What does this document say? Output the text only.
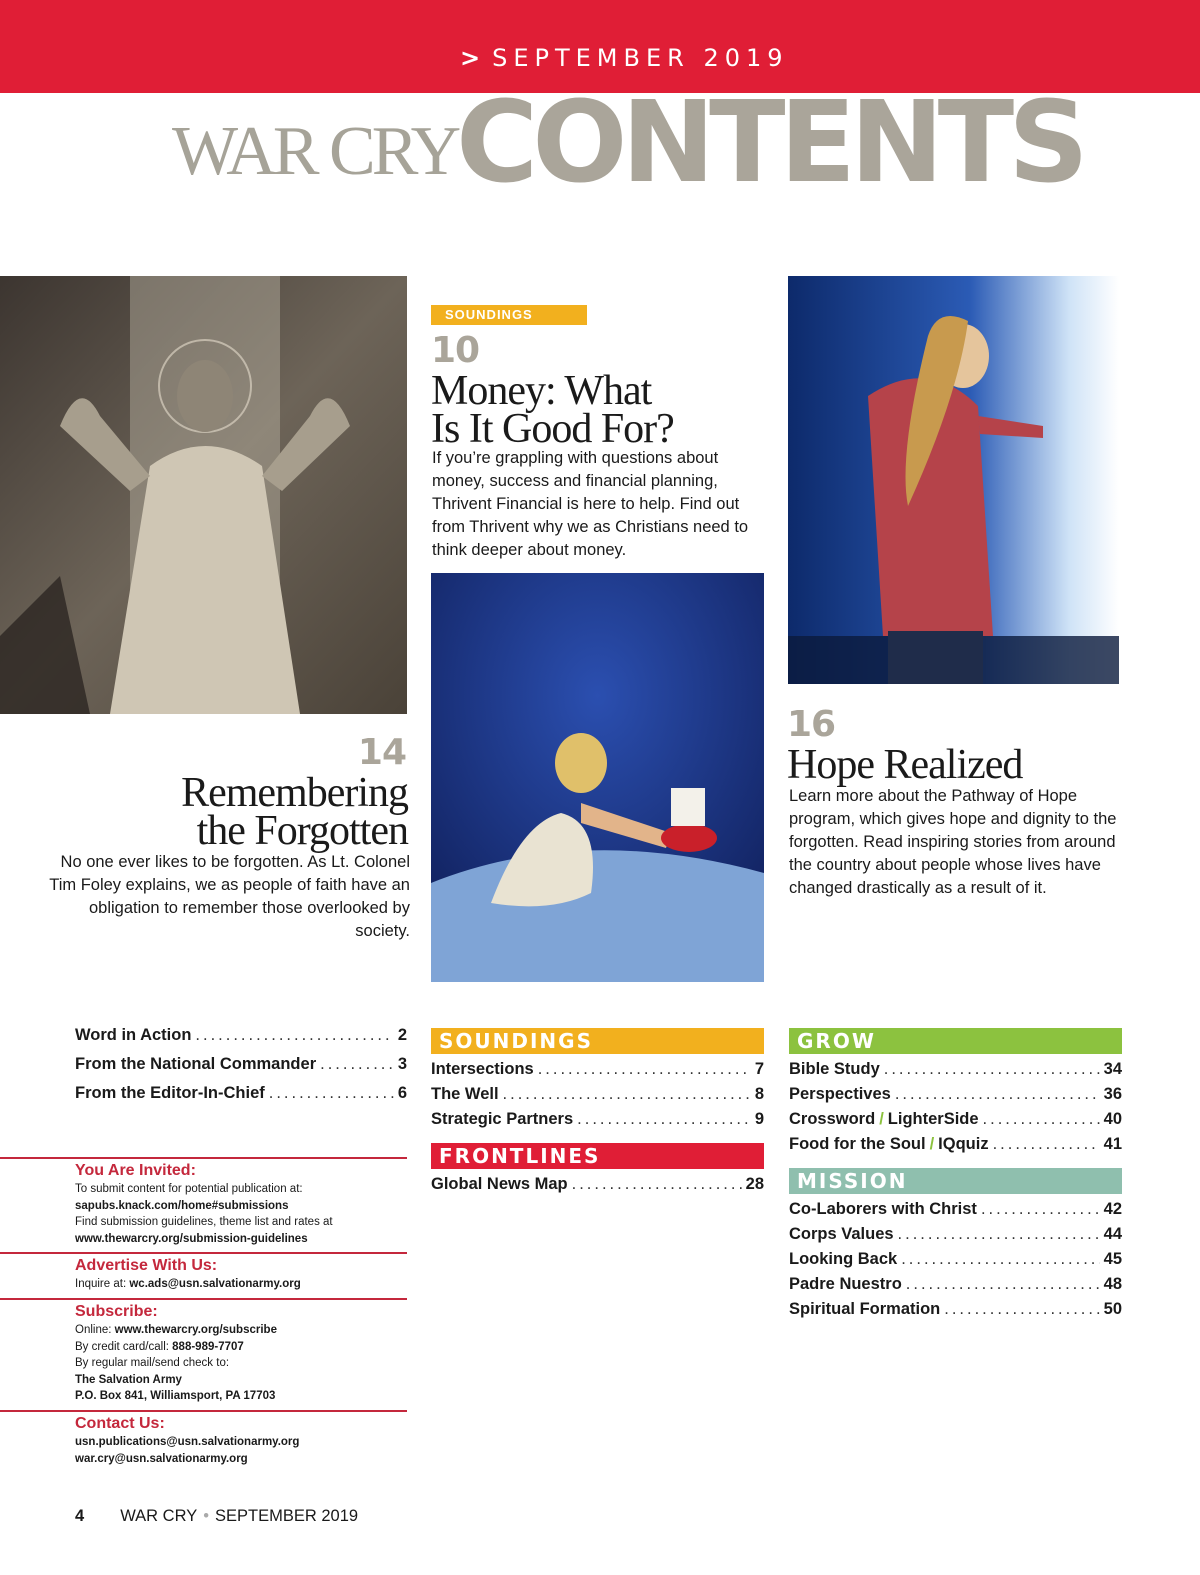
> SEPTEMBER 2019
WAR CRY
CONTENTS
SOUNDINGS
10
Money: What
Is It Good For?
If you’re grappling with questions about money, success and financial planning, Thrivent Financial is here to help. Find out from Thrivent why we as Christians need to think deeper about money.
14
Remembering
the Forgotten
No one ever likes to be forgotten. As Lt. Colonel Tim Foley explains, we as people of faith have an obligation to remember those overlooked by society.
16
Hope Realized
Learn more about the Pathway of Hope program, which gives hope and dignity to the forgotten. Read inspiring stories from around the country about people whose lives have changed drastically as a result of it.
Word in Action .....	2
From the National Commander .....	3
From the Editor-In-Chief .....	6
SOUNDINGS
Intersections .....	7
The Well .....	8
Strategic Partners .....	9
FRONTLINES
Global News Map .....	28
GROW
Bible Study .....	34
Perspectives .....	36
Crossword / LighterSide .....	40
Food for the Soul / IQquiz .....	41
MISSION
Co-Laborers with Christ .....	42
Corps Values .....	44
Looking Back .....	45
Padre Nuestro .....	48
Spiritual Formation .....	50
You Are Invited:

To submit content for potential publication at:

sapubs.knack.com/home#submissions

Find submission guidelines, theme list and rates at

www.thewarcry.org/submission-guidelines

Advertise With Us:

Inquire at: wc.ads@usn.salvationarmy.org

Subscribe:

Online: www.thewarcry.org/subscribe

By credit card/call: 888-989-7707

By regular mail/send check to:

The Salvation Army

P.O. Box 841, Williamsport, PA 17703

Contact Us:

usn.publications@usn.salvationarmy.org

war.cry@usn.salvationarmy.org

4 WAR CRY • SEPTEMBER 2019
